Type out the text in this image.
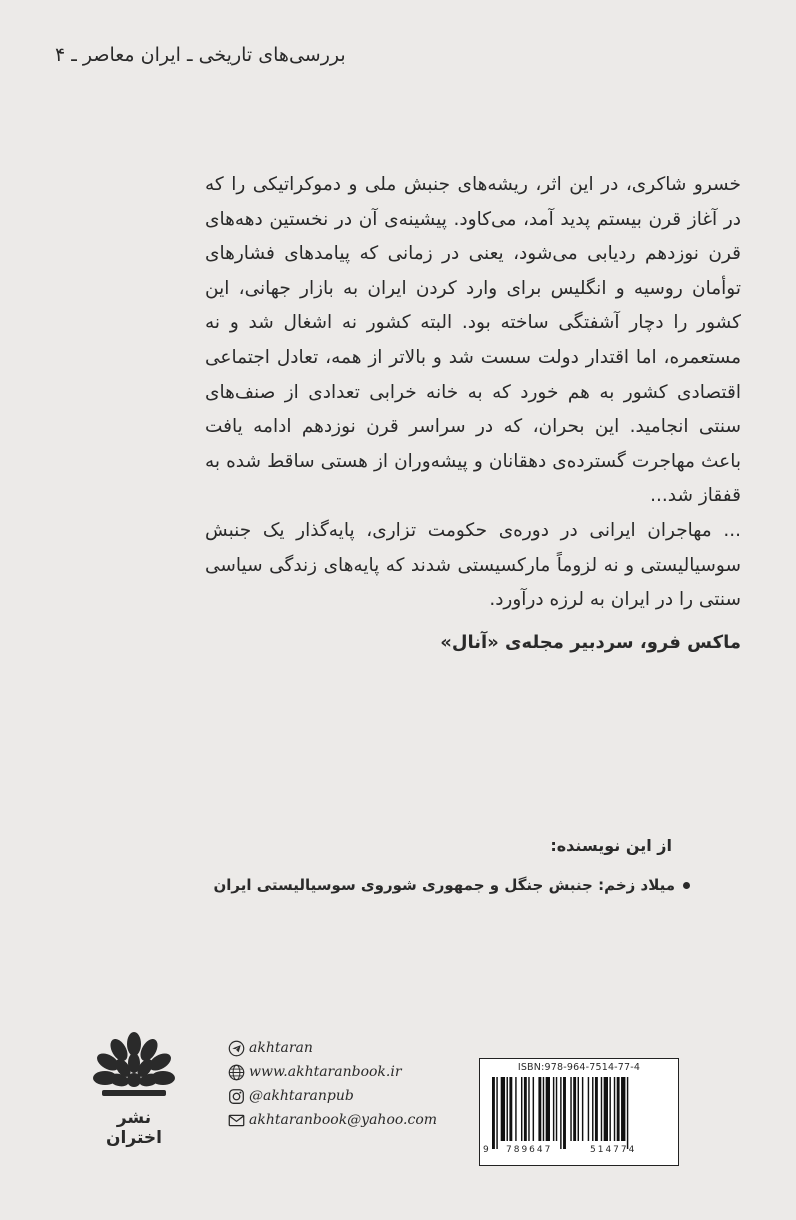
بررسی‌های تاریخی ـ ایران معاصر ـ ۴

خسرو شاکری، در این اثر، ریشه‌های جنبش ملی و دموکراتیکی را که در آغاز قرن بیستم پدید آمد، می‌کاود. پیشینه‌ی آن در نخستین دهه‌های قرن نوزدهم ردیابی می‌شود، یعنی در زمانی که پیامدهای فشارهای توأمان روسیه و انگلیس برای وارد کردن ایران به بازار جهانی، این کشور را دچار آشفتگی ساخته بود. البته کشور نه اشغال شد و نه مستعمره، اما اقتدار دولت سست شد و بالاتر از همه، تعادل اجتماعی اقتصادی کشور به هم خورد که به خانه خرابی تعدادی از صنف‌های سنتی انجامید. این بحران، که در سراسر قرن نوزدهم ادامه یافت باعث مهاجرت گسترده‌ی دهقانان و پیشه‌وران از هستی ساقط شده به قفقاز شد...

... مهاجران ایرانی در دوره‌ی حکومت تزاری، پایه‌گذار یک جنبش سوسیالیستی و نه لزوماً مارکسیستی شدند که پایه‌های زندگی سیاسی سنتی را در ایران به لرزه درآورد.

ماکس فرو، سردبیر مجله‌ی «آنال»
از این نویسنده:
میلاد زخم: جنبش جنگل و جمهوری شوروی سوسیالیستی ایران
نشر اختران
akhtaran
www.akhtaranbook.ir
@akhtaranpub
akhtaranbook@yahoo.com
ISBN:978-964-7514-77-4
9 789647	514774
